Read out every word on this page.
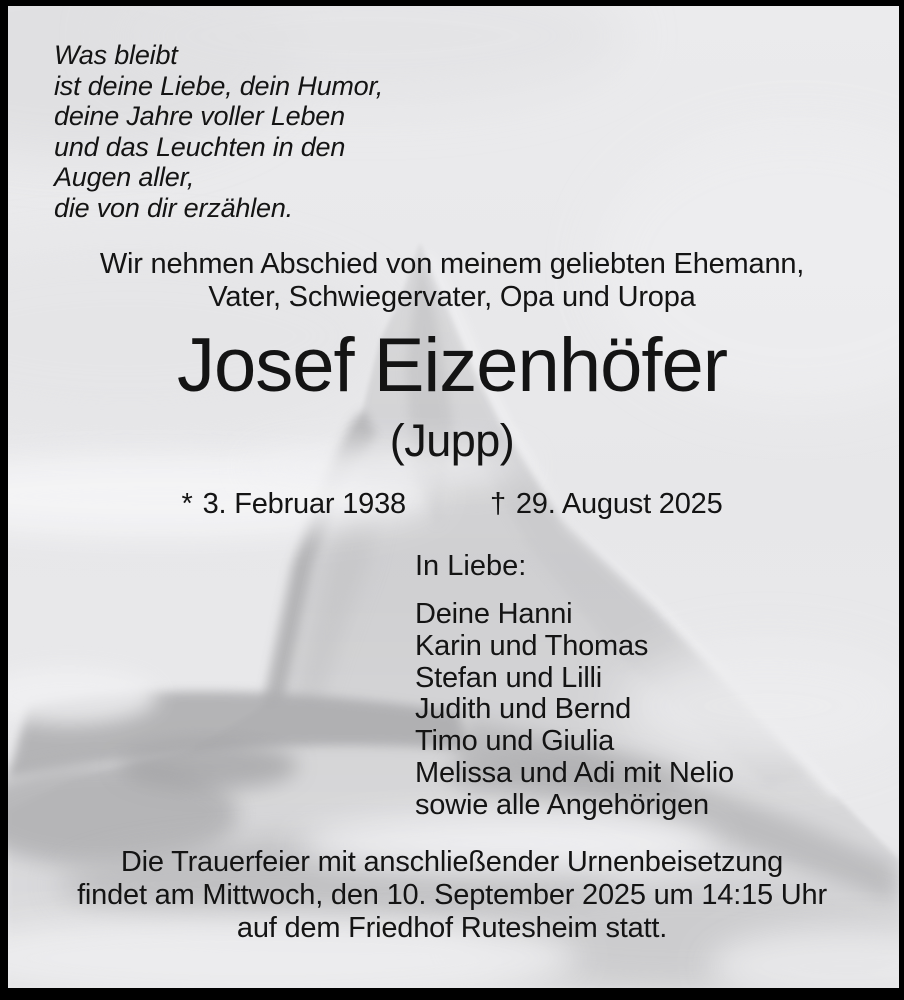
Was bleibt
ist deine Liebe, dein Humor,
deine Jahre voller Leben
und das Leuchten in den
Augen aller,
die von dir erzählen.
Wir nehmen Abschied von meinem geliebten Ehemann,
Vater, Schwiegervater, Opa und Uropa
Josef Eizenhöfer
(Jupp)
* 3. Februar 1938	† 29. August 2025
In Liebe:
Deine Hanni
Karin und Thomas
Stefan und Lilli
Judith und Bernd
Timo und Giulia
Melissa und Adi mit Nelio
sowie alle Angehörigen
Die Trauerfeier mit anschließender Urnenbeisetzung
findet am Mittwoch, den 10. September 2025 um 14:15 Uhr
auf dem Friedhof Rutesheim statt.
